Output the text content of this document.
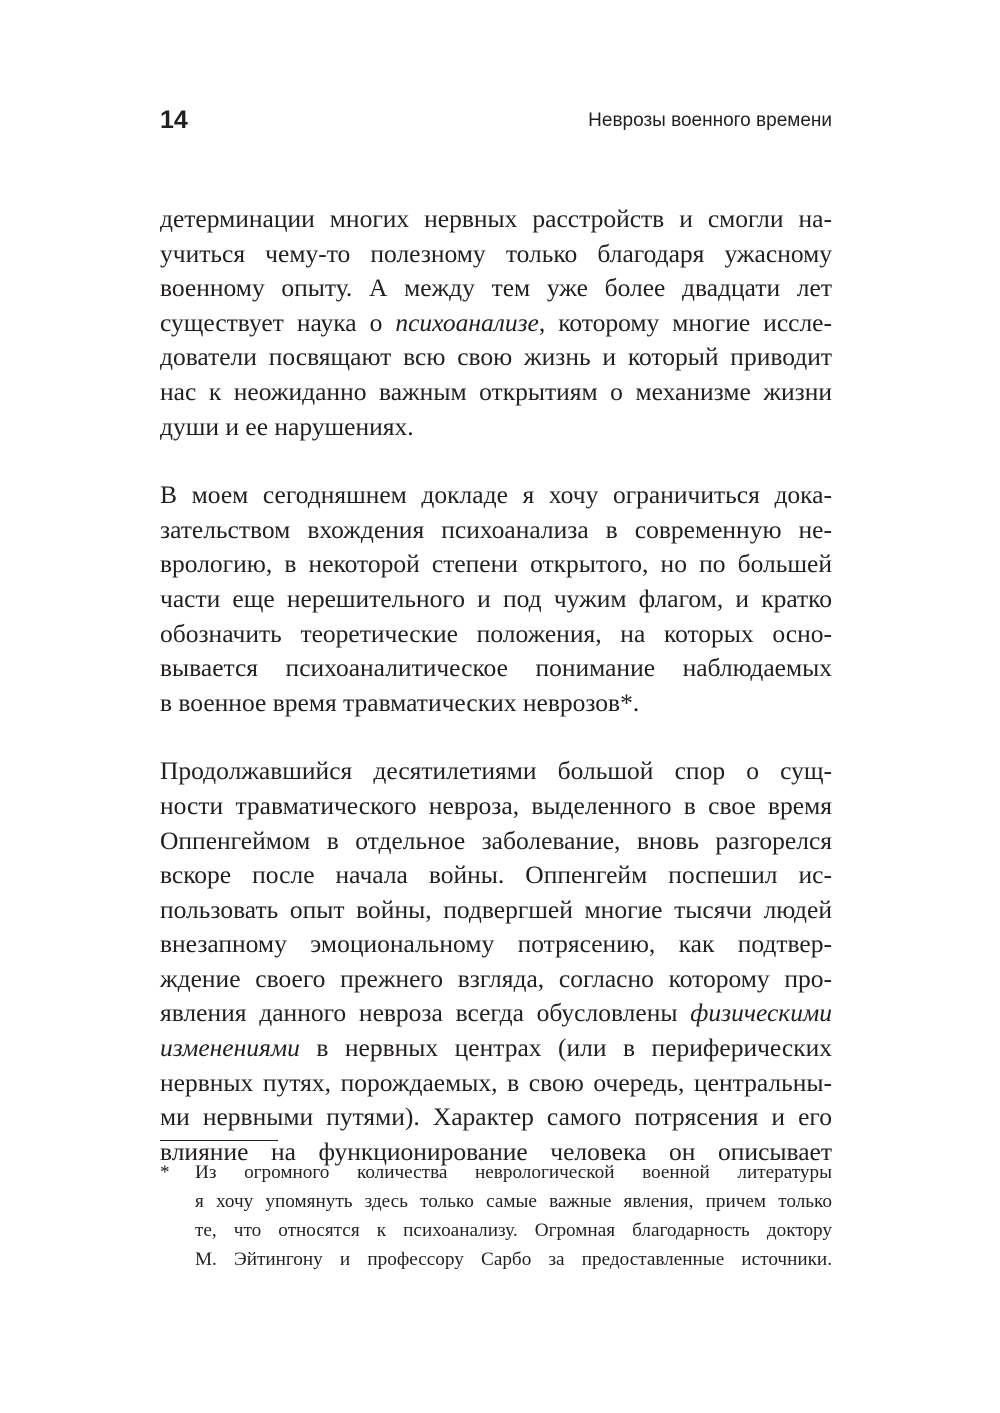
14	Неврозы военного времени
детерминации многих нервных расстройств и смогли на-
учиться чему-то полезному только благодаря ужасному
военному опыту. А между тем уже более двадцати лет
существует наука о психоанализе, которому многие иссле-
дователи посвящают всю свою жизнь и который приводит
нас к неожиданно важным открытиям о механизме жизни
души и ее нарушениях.
В моем сегодняшнем докладе я хочу ограничиться дока-
зательством вхождения психоанализа в современную не-
врологию, в некоторой степени открытого, но по большей
части еще нерешительного и под чужим флагом, и кратко
обозначить теоретические положения, на которых осно-
вывается психоаналитическое понимание наблюдаемых
в военное время травматических неврозов*.
Продолжавшийся десятилетиями большой спор о сущ-
ности травматического невроза, выделенного в свое время
Оппенгеймом в отдельное заболевание, вновь разгорелся
вскоре после начала войны. Оппенгейм поспешил ис-
пользовать опыт войны, подвергшей многие тысячи людей
внезапному эмоциональному потрясению, как подтвер-
ждение своего прежнего взгляда, согласно которому про-
явления данного невроза всегда обусловлены физическими
изменениями в нервных центрах (или в периферических
нервных путях, порождаемых, в свою очередь, центральны-
ми нервными путями). Характер самого потрясения и его
влияние на функционирование человека он описывает
* Из огромного количества неврологической военной литературы
я хочу упомянуть здесь только самые важные явления, причем только
те, что относятся к психоанализу. Огромная благодарность доктору
М. Эйтингону и профессору Сарбо за предоставленные источники.
